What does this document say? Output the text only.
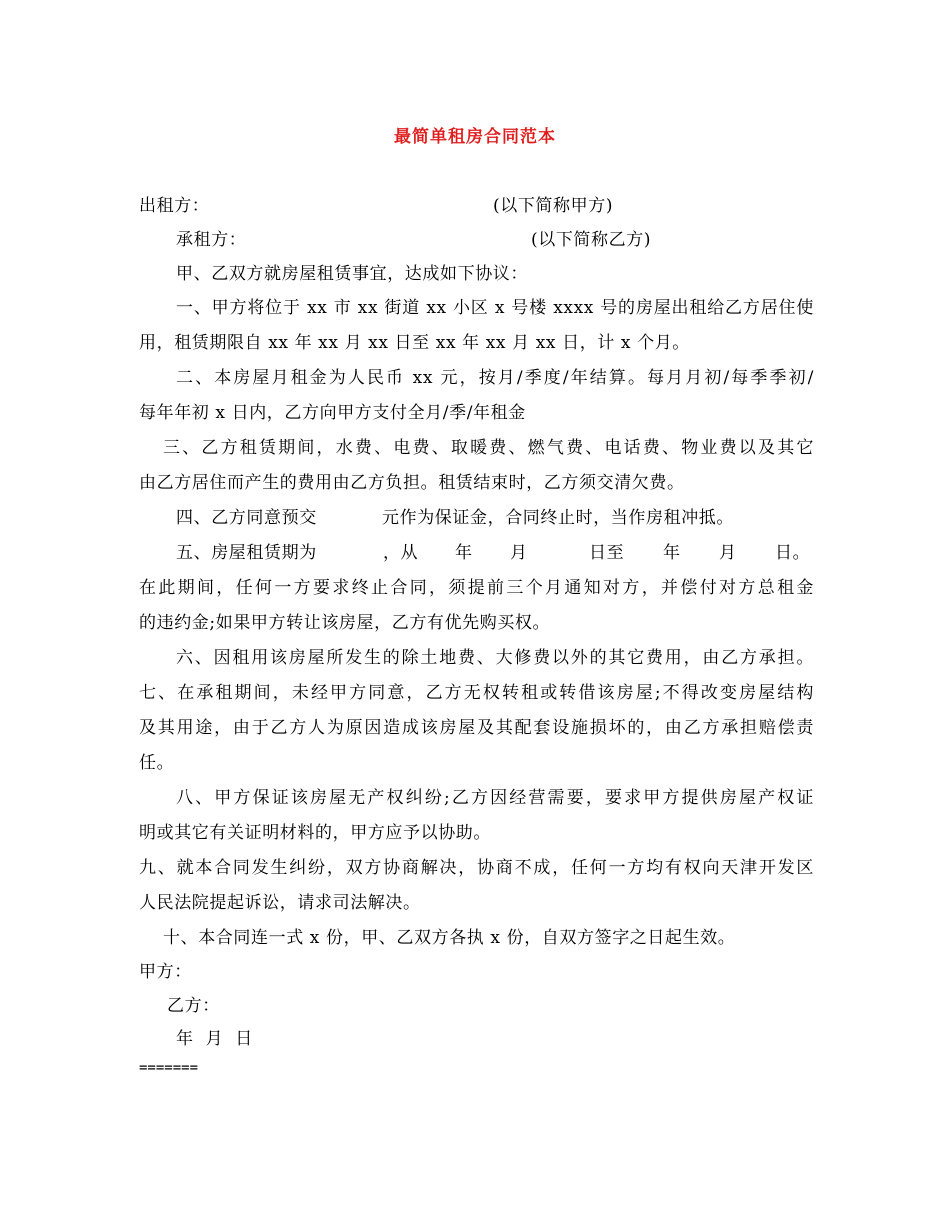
最简单租房合同范本
出租方：	(以下简称甲方)
承租方：	(以下简称乙方)
甲、乙双方就房屋租赁事宜，达成如下协议：
一、甲方将位于 xx 市 xx 街道 xx 小区 x 号楼 xxxx 号的房屋出租给乙方居住使
用，租赁期限自 xx 年 xx 月 xx 日至 xx 年 xx 月 xx 日，计 x 个月。
二、本房屋月租金为人民币 xx 元，按月/季度/年结算。每月月初/每季季初/
每年年初 x 日内，乙方向甲方支付全月/季/年租金
三、乙方租赁期间，水费、电费、取暖费、燃气费、电话费、物业费以及其它
由乙方居住而产生的费用由乙方负担。租赁结束时，乙方须交清欠费。
四、乙方同意预交	元作为保证金，合同终止时，当作房租冲抵。
五、房屋租赁期为	，从 年 月	日至 年 月 日。
在此期间，任何一方要求终止合同，须提前三个月通知对方，并偿付对方总租金
的违约金;如果甲方转让该房屋，乙方有优先购买权。
六、因租用该房屋所发生的除土地费、大修费以外的其它费用，由乙方承担。
七、在承租期间，未经甲方同意，乙方无权转租或转借该房屋;不得改变房屋结构
及其用途，由于乙方人为原因造成该房屋及其配套设施损坏的，由乙方承担赔偿责
任。
八、甲方保证该房屋无产权纠纷;乙方因经营需要，要求甲方提供房屋产权证
明或其它有关证明材料的，甲方应予以协助。
九、就本合同发生纠纷，双方协商解决，协商不成，任何一方均有权向天津开发区
人民法院提起诉讼，请求司法解决。
十、本合同连一式 x 份，甲、乙双方各执 x 份，自双方签字之日起生效。
甲方：
乙方：
年  月  日
=======
